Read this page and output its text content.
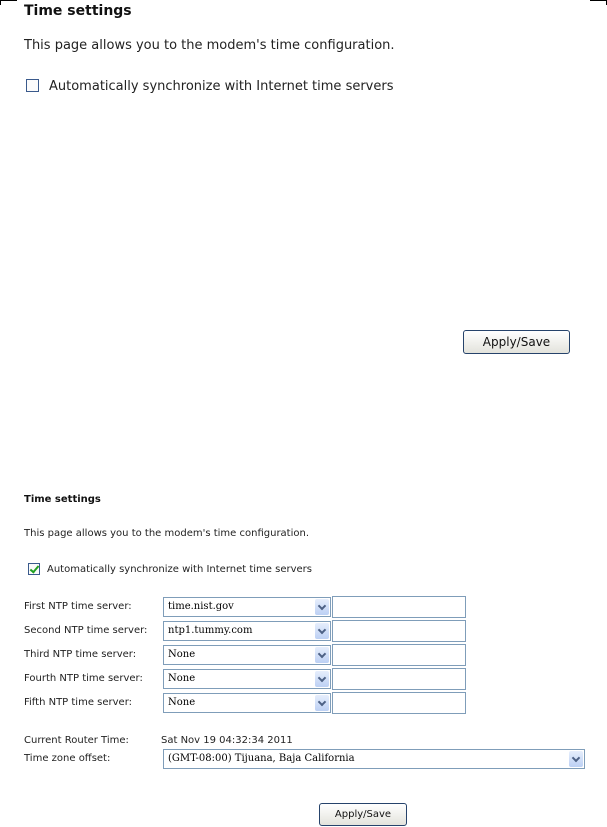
Time settings
This page allows you to the modem's time configuration.
Automatically synchronize with Internet time servers
Apply/Save
Time settings
This page allows you to the modem's time configuration.
Automatically synchronize with Internet time servers
First NTP time server:	time.nist.gov
Second NTP time server: ntp1.tummy.com
Third NTP time server:	None
Fourth NTP time server:	None
Fifth NTP time server:	None
Current Router Time:	Sat Nov 19 04:32:34 2011
Time zone offset:	(GMT-08:00) Tijuana, Baja California
Apply/Save
